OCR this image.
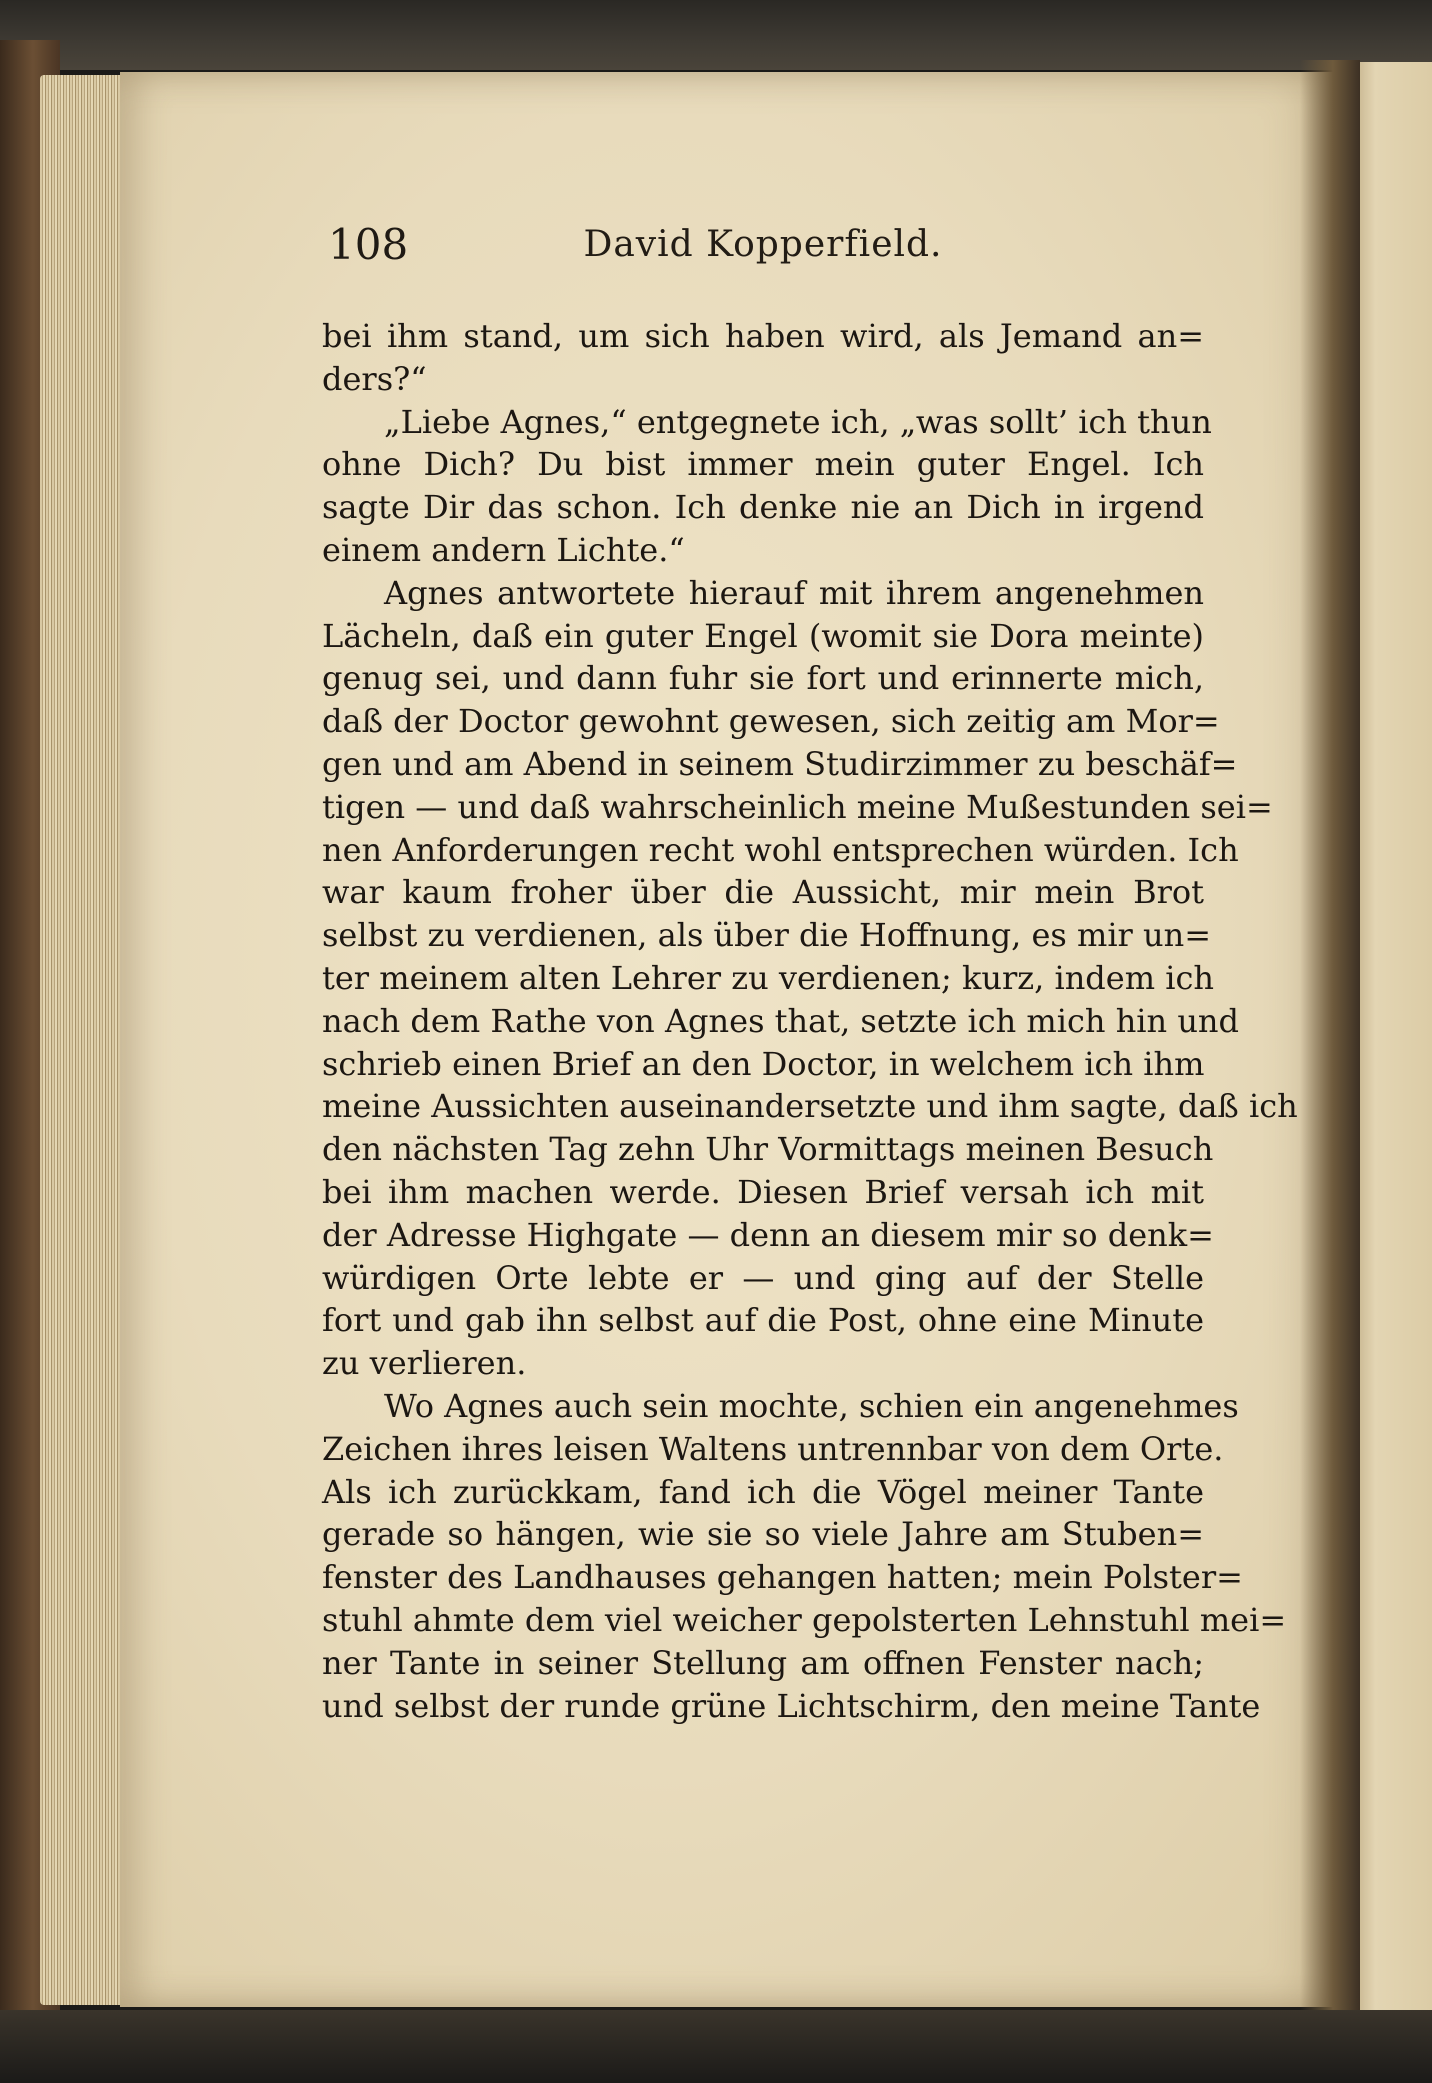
108	David Kopperfield.
bei ihm stand, um sich haben wird, als Jemand an=
ders?“
„Liebe Agnes,“ entgegnete ich, „was sollt’ ich thun
ohne Dich? Du bist immer mein guter Engel. Ich
sagte Dir das schon. Ich denke nie an Dich in irgend
einem andern Lichte.“
Agnes antwortete hierauf mit ihrem angenehmen
Lächeln, daß ein guter Engel (womit sie Dora meinte)
genug sei, und dann fuhr sie fort und erinnerte mich,
daß der Doctor gewohnt gewesen, sich zeitig am Mor=
gen und am Abend in seinem Studirzimmer zu beschäf=
tigen — und daß wahrscheinlich meine Mußestunden sei=
nen Anforderungen recht wohl entsprechen würden. Ich
war kaum froher über die Aussicht, mir mein Brot
selbst zu verdienen, als über die Hoffnung, es mir un=
ter meinem alten Lehrer zu verdienen; kurz, indem ich
nach dem Rathe von Agnes that, setzte ich mich hin und
schrieb einen Brief an den Doctor, in welchem ich ihm
meine Aussichten auseinandersetzte und ihm sagte, daß ich
den nächsten Tag zehn Uhr Vormittags meinen Besuch
bei ihm machen werde. Diesen Brief versah ich mit
der Adresse Highgate — denn an diesem mir so denk=
würdigen Orte lebte er — und ging auf der Stelle
fort und gab ihn selbst auf die Post, ohne eine Minute
zu verlieren.
Wo Agnes auch sein mochte, schien ein angenehmes
Zeichen ihres leisen Waltens untrennbar von dem Orte.
Als ich zurückkam, fand ich die Vögel meiner Tante
gerade so hängen, wie sie so viele Jahre am Stuben=
fenster des Landhauses gehangen hatten; mein Polster=
stuhl ahmte dem viel weicher gepolsterten Lehnstuhl mei=
ner Tante in seiner Stellung am offnen Fenster nach;
und selbst der runde grüne Lichtschirm, den meine Tante
